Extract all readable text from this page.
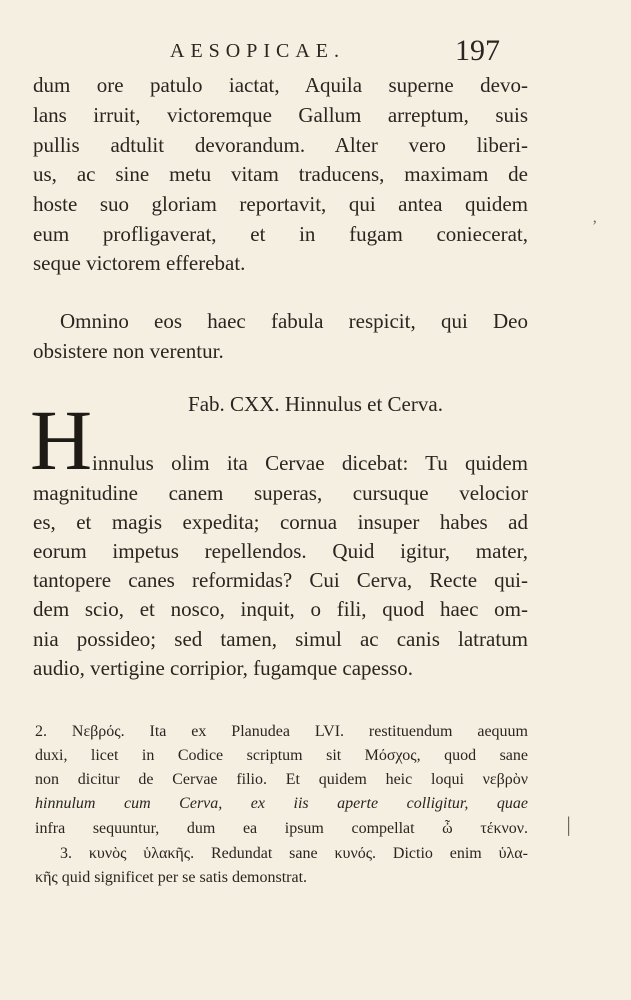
AESOPICAE.	197
dum ore patulo iactat, Aquila superne devo-
lans irruit, victoremque Gallum arreptum, suis
pullis adtulit devorandum. Alter vero liberi-
us, ac sine metu vitam traducens, maximam de
hoste suo gloriam reportavit, qui antea quidem
eum profligaverat, et in fugam coniecerat,
seque victorem efferebat.
Omnino eos haec fabula respicit, qui Deo
obsistere non verentur.
Fab. CXX. Hinnulus et Cerva.
H innulus olim ita Cervae dicebat: Tu quidem
magnitudine canem superas, cursuque velocior
es, et magis expedita; cornua insuper habes ad
eorum impetus repellendos. Quid igitur, mater,
tantopere canes reformidas? Cui Cerva, Recte qui-
dem scio, et nosco, inquit, o fili, quod haec om-
nia possideo; sed tamen, simul ac canis latratum
audio, vertigine corripior, fugamque capesso.
2. Νεβρός. Ita ex Planudea LVI. restituendum aequum
duxi, licet in Codice scriptum sit Μόσχος, quod sane
non dicitur de Cervae filio. Et quidem heic loqui νεβρὸν
hinnulum cum Cerva, ex iis aperte colligitur, quae
infra sequuntur, dum ea ipsum compellat ὦ τέκνον.
3. κυνὸς ὑλακῆς. Redundat sane κυνός. Dictio enim ὑλα-
κῆς quid significet per se satis demonstrat.
’
│
